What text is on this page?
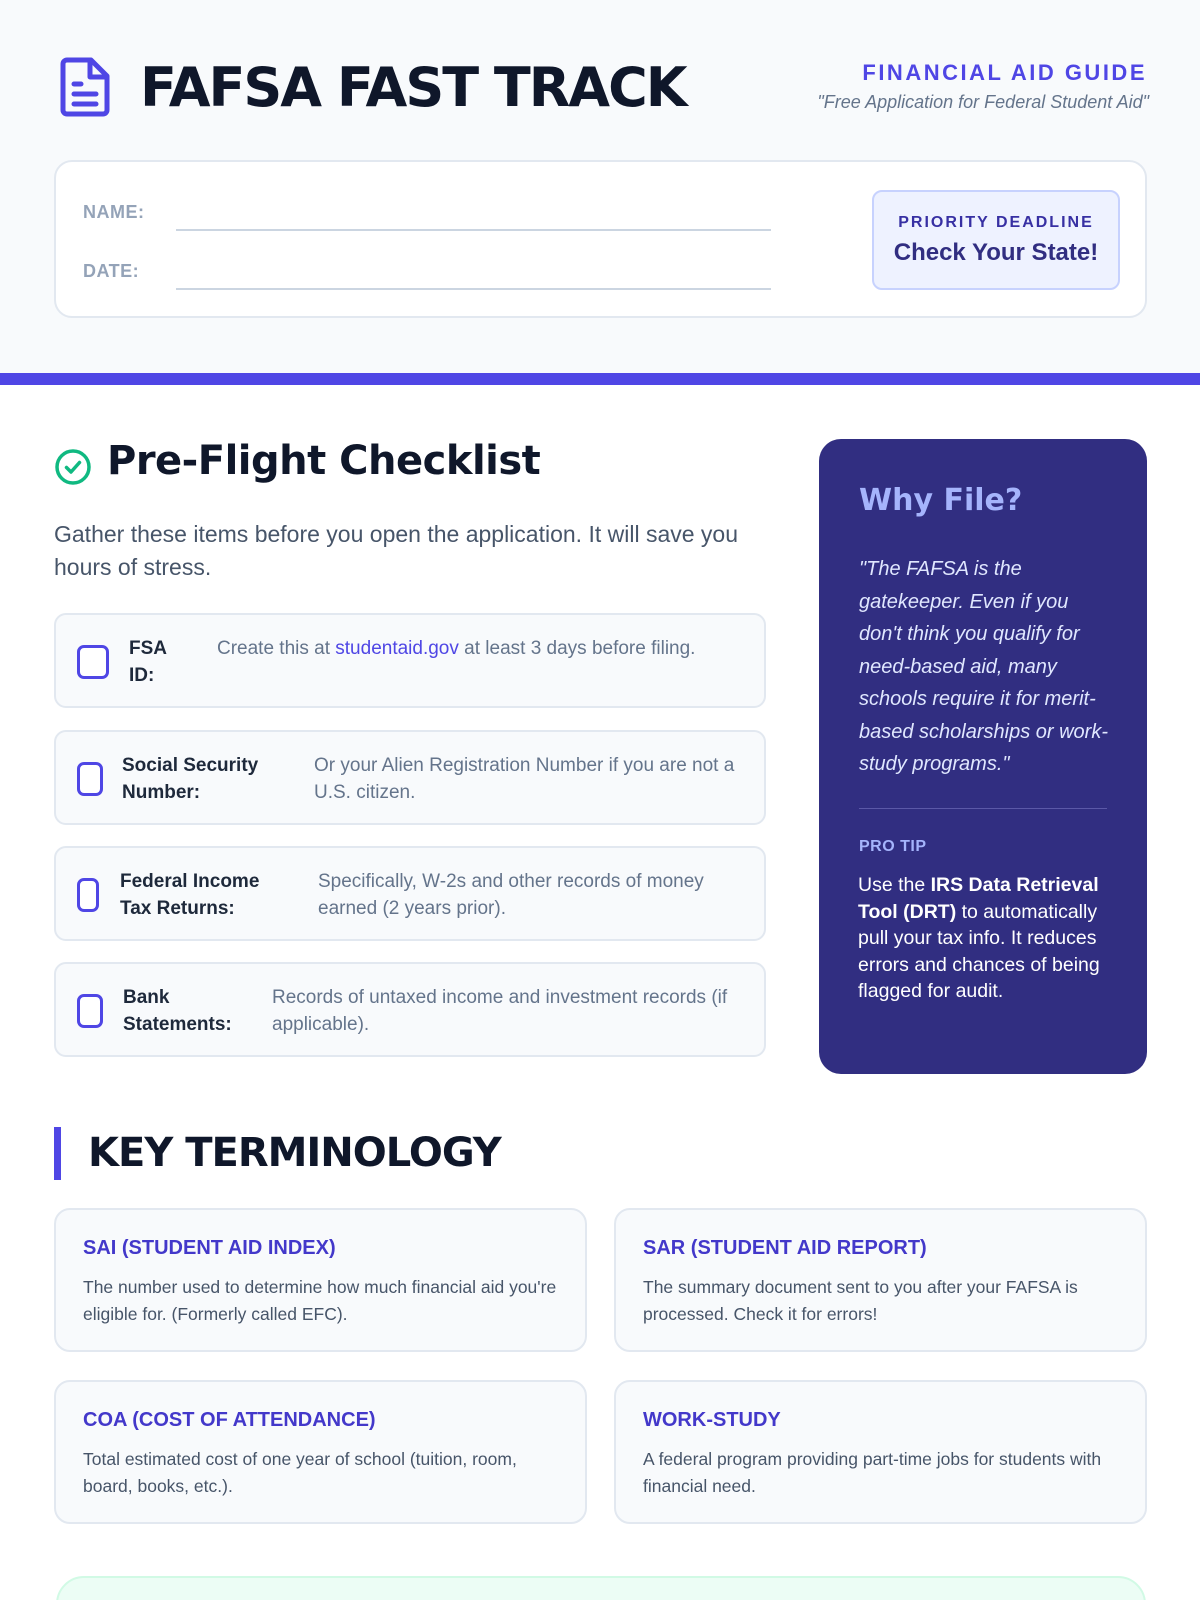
FAFSA FAST TRACK	FINANCIAL AID GUIDE
"Free Application for Federal Student Aid"
NAME:
DATE:
PRIORITY DEADLINE
Check Your State!
Pre-Flight Checklist
Gather these items before you open the application. It will save you hours of stress.
FSA ID:
Create this at studentaid.gov at least 3 days before filing.
Social Security Number:
Or your Alien Registration Number if you are not a U.S. citizen.
Federal Income Tax Returns:
Specifically, W-2s and other records of money earned (2 years prior).
Bank Statements:
Records of untaxed income and investment records (if applicable).
Why File?
"The FAFSA is the gatekeeper. Even if you don't think you qualify for need-based aid, many schools require it for merit-based scholarships or work-study programs."
PRO TIP
Use the IRS Data Retrieval Tool (DRT) to automatically pull your tax info. It reduces errors and chances of being flagged for audit.
KEY TERMINOLOGY
SAI (STUDENT AID INDEX)
The number used to determine how much financial aid you're eligible for. (Formerly called EFC).
SAR (STUDENT AID REPORT)
The summary document sent to you after your FAFSA is processed. Check it for errors!
COA (COST OF ATTENDANCE)
Total estimated cost of one year of school (tuition, room, board, books, etc.).
WORK-STUDY
A federal program providing part-time jobs for students with financial need.
